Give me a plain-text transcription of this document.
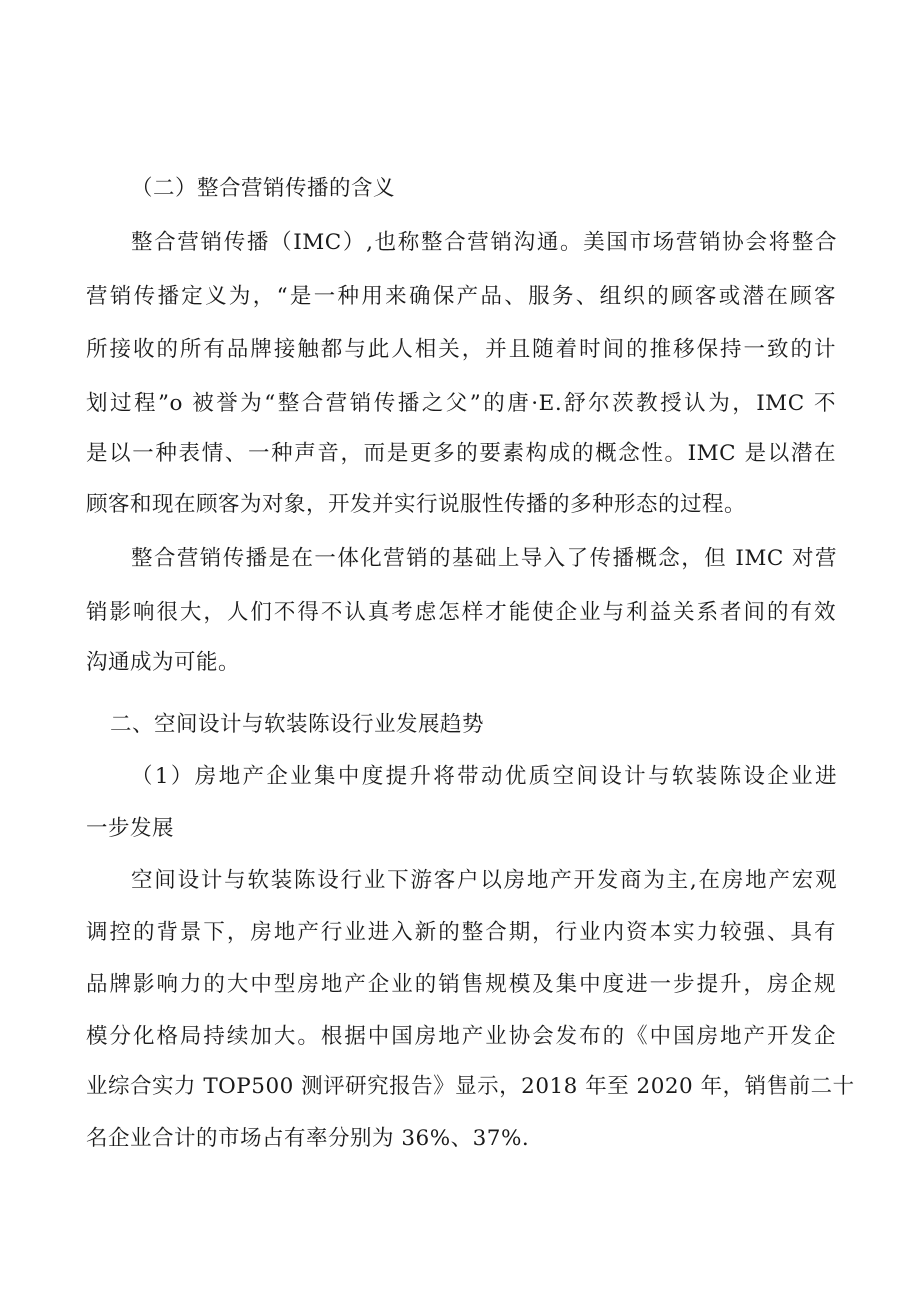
（二）整合营销传播的含义
整合营销传播（IMC）,也称整合营销沟通。美国市场营销协会将整合
营销传播定义为，“是一种用来确保产品、服务、组织的顾客或潜在顾客
所接收的所有品牌接触都与此人相关，并且随着时间的推移保持一致的计
划过程”o 被誉为“整合营销传播之父”的唐·E.舒尔茨教授认为，IMC 不
是以一种表情、一种声音，而是更多的要素构成的概念性。IMC 是以潜在
顾客和现在顾客为对象，开发并实行说服性传播的多种形态的过程。
整合营销传播是在一体化营销的基础上导入了传播概念，但 IMC 对营
销影响很大，人们不得不认真考虑怎样才能使企业与利益关系者间的有效
沟通成为可能。
二、空间设计与软装陈设行业发展趋势
（1）房地产企业集中度提升将带动优质空间设计与软装陈设企业进
一步发展
空间设计与软装陈设行业下游客户以房地产开发商为主,在房地产宏观
调控的背景下，房地产行业进入新的整合期，行业内资本实力较强、具有
品牌影响力的大中型房地产企业的销售规模及集中度进一步提升，房企规
模分化格局持续加大。根据中国房地产业协会发布的《中国房地产开发企
业综合实力 TOP500 测评研究报告》显示，2018 年至 2020 年，销售前二十
名企业合计的市场占有率分别为 36%、37%.
